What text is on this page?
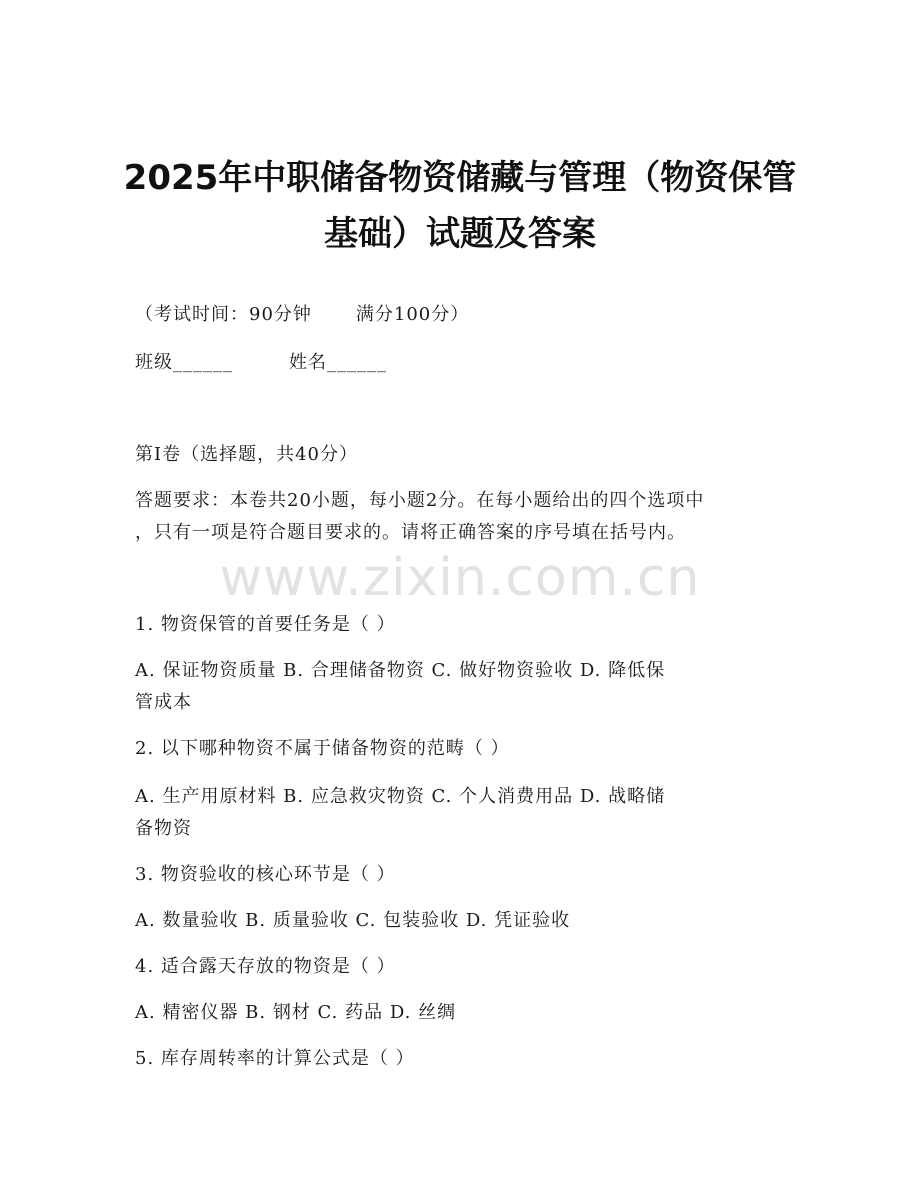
2025年中职储备物资储藏与管理（物资保管
基础）试题及答案
（考试时间：90分钟 满分100分）
班级______	姓名______
第I卷（选择题，共40分）
答题要求：本卷共20小题，每小题2分。在每小题给出的四个选项中
，只有一项是符合题目要求的。请将正确答案的序号填在括号内。
www.zixin.com.cn
1. 物资保管的首要任务是（ ）
A. 保证物资质量 B. 合理储备物资 C. 做好物资验收 D. 降低保
管成本
2. 以下哪种物资不属于储备物资的范畴（ ）
A. 生产用原材料 B. 应急救灾物资 C. 个人消费用品 D. 战略储
备物资
3. 物资验收的核心环节是（ ）
A. 数量验收 B. 质量验收 C. 包装验收 D. 凭证验收
4. 适合露天存放的物资是（ ）
A. 精密仪器 B. 钢材 C. 药品 D. 丝绸
5. 库存周转率的计算公式是（ ）
